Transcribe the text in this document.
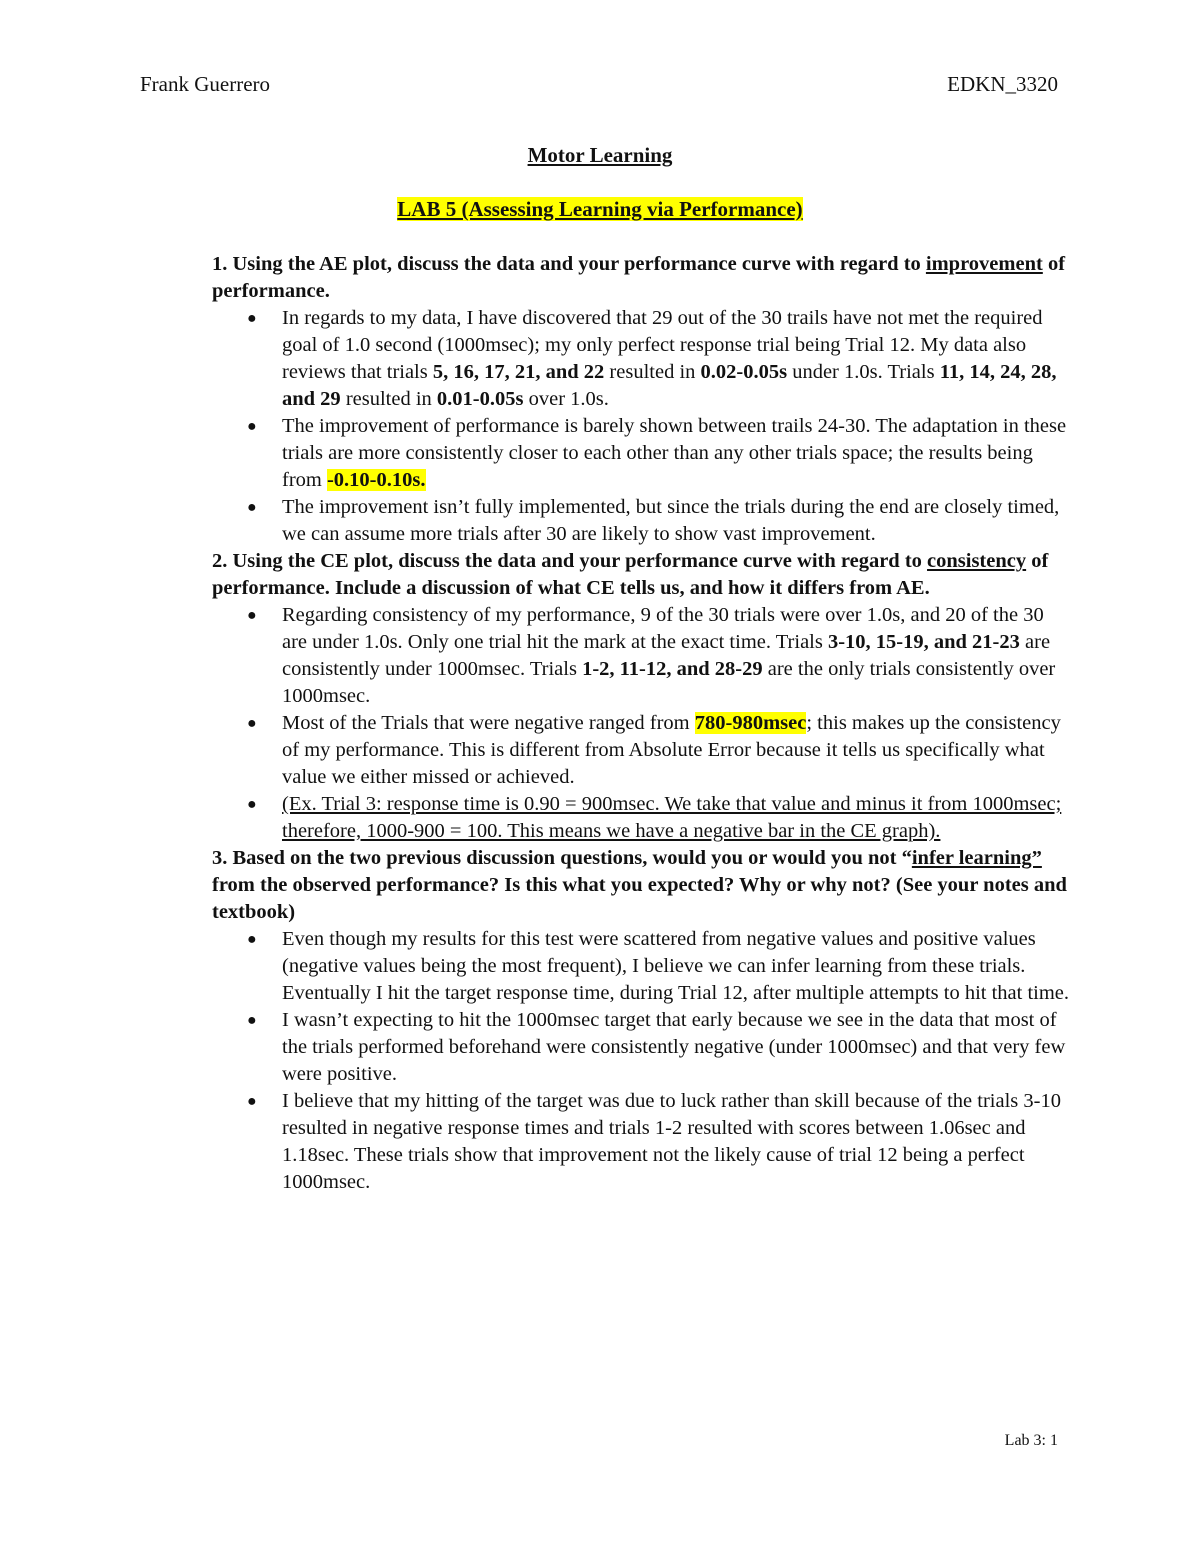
Frank Guerrero	EDKN_3320
Motor Learning
LAB 5 (Assessing Learning via Performance)

1. Using the AE plot, discuss the data and your performance curve with regard to improvement of performance.

● In regards to my data, I have discovered that 29 out of the 30 trails have not met the required goal of 1.0 second (1000msec); my only perfect response trial being Trial 12. My data also reviews that trials 5, 16, 17, 21, and 22 resulted in 0.02-0.05s under 1.0s. Trials 11, 14, 24, 28, and 29 resulted in 0.01-0.05s over 1.0s.
● The improvement of performance is barely shown between trails 24-30. The adaptation in these trials are more consistently closer to each other than any other trials space; the results being from -0.10-0.10s.
● The improvement isn’t fully implemented, but since the trials during the end are closely timed, we can assume more trials after 30 are likely to show vast improvement.

2. Using the CE plot, discuss the data and your performance curve with regard to consistency of performance. Include a discussion of what CE tells us, and how it differs from AE.

● Regarding consistency of my performance, 9 of the 30 trials were over 1.0s, and 20 of the 30 are under 1.0s. Only one trial hit the mark at the exact time. Trials 3-10, 15-19, and 21-23 are consistently under 1000msec. Trials 1-2, 11-12, and 28-29 are the only trials consistently over 1000msec.
● Most of the Trials that were negative ranged from 780-980msec; this makes up the consistency of my performance. This is different from Absolute Error because it tells us specifically what value we either missed or achieved.
● (Ex. Trial 3: response time is 0.90 = 900msec. We take that value and minus it from 1000msec; therefore, 1000-900 = 100. This means we have a negative bar in the CE graph).

3. Based on the two previous discussion questions, would you or would you not “infer learning” from the observed performance? Is this what you expected? Why or why not? (See your notes and textbook)

● Even though my results for this test were scattered from negative values and positive values (negative values being the most frequent), I believe we can infer learning from these trials. Eventually I hit the target response time, during Trial 12, after multiple attempts to hit that time.
● I wasn’t expecting to hit the 1000msec target that early because we see in the data that most of the trials performed beforehand were consistently negative (under 1000msec) and that very few were positive.
● I believe that my hitting of the target was due to luck rather than skill because of the trials 3-10 resulted in negative response times and trials 1-2 resulted with scores between 1.06sec and 1.18sec. These trials show that improvement not the likely cause of trial 12 being a perfect 1000msec.
Lab 3: 1
